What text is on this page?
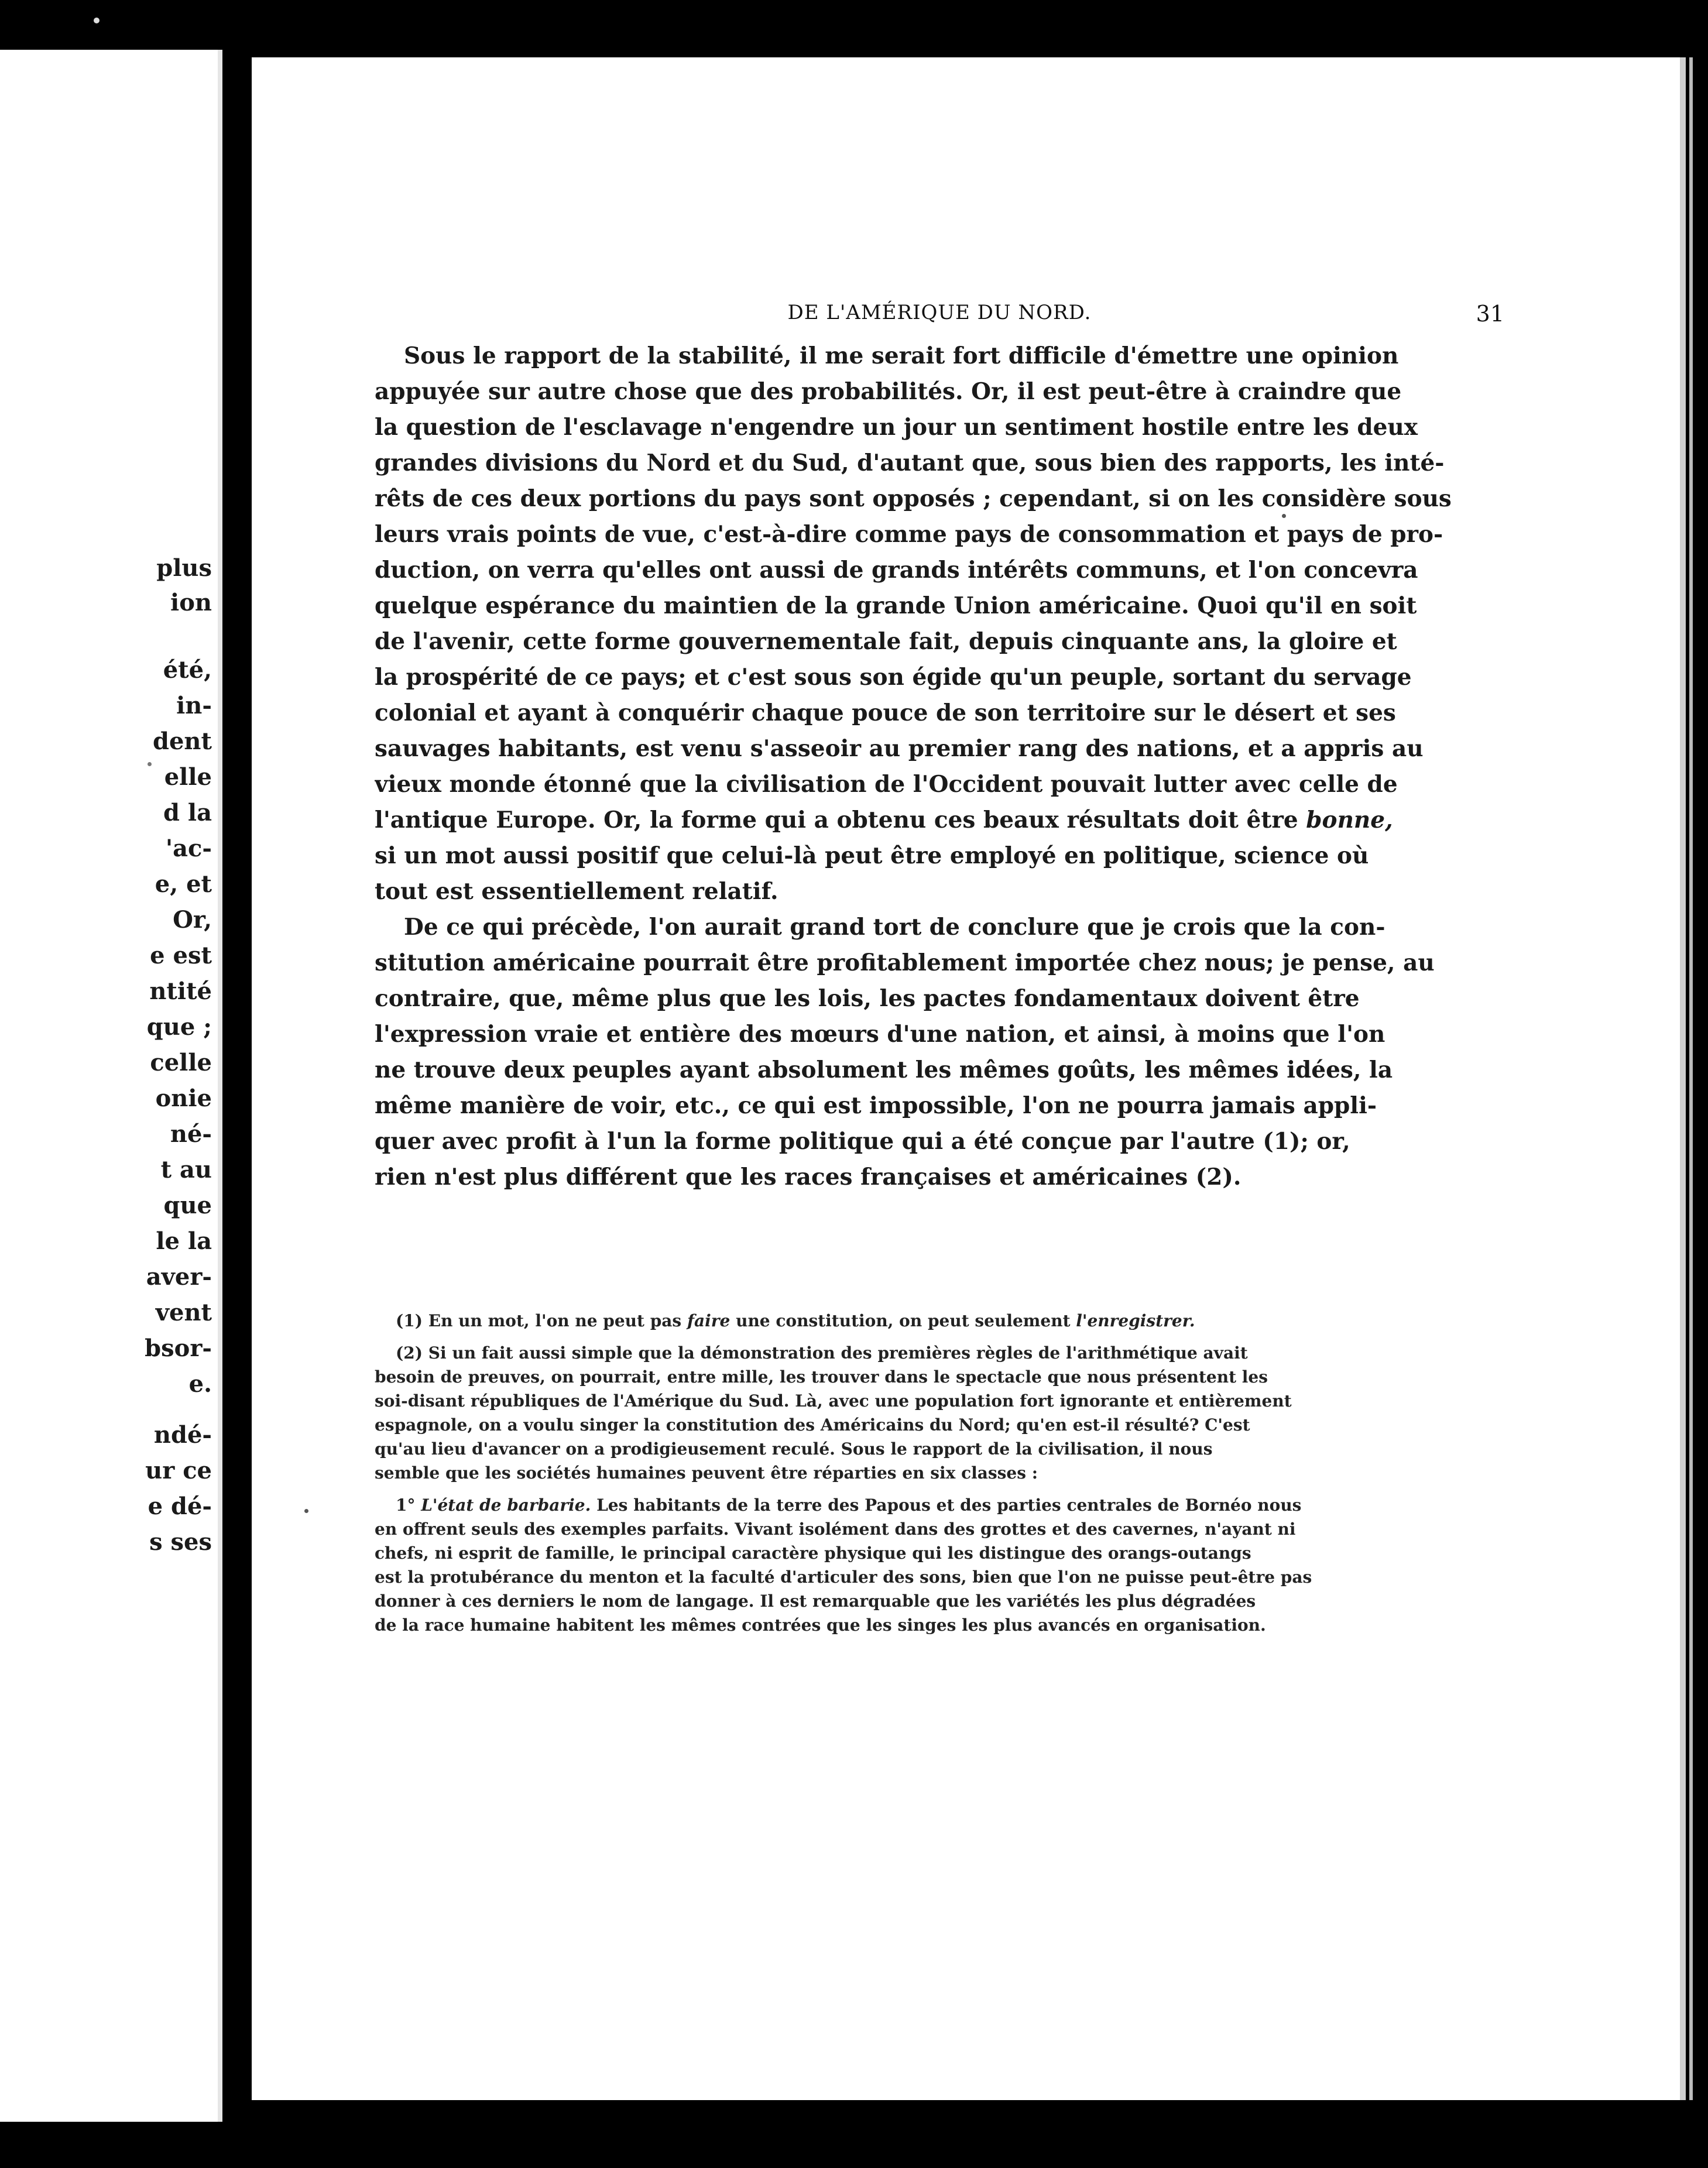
plus

ion

été,

in-

dent

elle

d la

'ac-

e, et

Or,

e est

ntité

que ;

celle

onie

né-

t au

que

le la

aver-

vent

bsor-

e.

ndé-

ur ce

e dé-

s ses

DE L'AMÉRIQUE DU NORD.	31
Sous le rapport de la stabilité, il me serait fort difficile d'émettre une opinion
appuyée sur autre chose que des probabilités. Or, il est peut-être à craindre que
la question de l'esclavage n'engendre un jour un sentiment hostile entre les deux
grandes divisions du Nord et du Sud, d'autant que, sous bien des rapports, les inté-
rêts de ces deux portions du pays sont opposés ; cependant, si on les considère sous
leurs vrais points de vue, c'est-à-dire comme pays de consommation et pays de pro-
duction, on verra qu'elles ont aussi de grands intérêts communs, et l'on concevra
quelque espérance du maintien de la grande Union américaine. Quoi qu'il en soit
de l'avenir, cette forme gouvernementale fait, depuis cinquante ans, la gloire et
la prospérité de ce pays; et c'est sous son égide qu'un peuple, sortant du servage
colonial et ayant à conquérir chaque pouce de son territoire sur le désert et ses
sauvages habitants, est venu s'asseoir au premier rang des nations, et a appris au
vieux monde étonné que la civilisation de l'Occident pouvait lutter avec celle de
l'antique Europe. Or, la forme qui a obtenu ces beaux résultats doit être
bonne,
si un mot aussi positif que celui-là peut être employé en politique, science où
tout est essentiellement relatif.
De ce qui précède, l'on aurait grand tort de conclure que je crois que la con-
stitution américaine pourrait être profitablement importée chez nous; je pense, au
contraire, que, même plus que les lois, les pactes fondamentaux doivent être
l'expression vraie et entière des mœurs d'une nation, et ainsi, à moins que l'on
ne trouve deux peuples ayant absolument les mêmes goûts, les mêmes idées, la
même manière de voir, etc., ce qui est impossible, l'on ne pourra jamais appli-
quer avec profit à l'un la forme politique qui a été conçue par l'autre (1); or,
rien n'est plus différent que les races françaises et américaines (2).
(1) En un mot, l'on ne peut pas
faire
une constitution, on peut seulement
l'enregistrer.
(2) Si un fait aussi simple que la démonstration des premières règles de l'arithmétique avait
besoin de preuves, on pourrait, entre mille, les trouver dans le spectacle que nous présentent les
soi-disant républiques de l'Amérique du Sud. Là, avec une population fort ignorante et entièrement
espagnole, on a voulu singer la constitution des Américains du Nord; qu'en est-il résulté? C'est
qu'au lieu d'avancer on a prodigieusement reculé. Sous le rapport de la civilisation, il nous
semble que les sociétés humaines peuvent être réparties en six classes :
1°
L'état de barbarie.
Les habitants de la terre des Papous et des parties centrales de Bornéo nous
en offrent seuls des exemples parfaits. Vivant isolément dans des grottes et des cavernes, n'ayant ni
chefs, ni esprit de famille, le principal caractère physique qui les distingue des orangs-outangs
est la protubérance du menton et la faculté d'articuler des sons, bien que l'on ne puisse peut-être pas
donner à ces derniers le nom de langage. Il est remarquable que les variétés les plus dégradées
de la race humaine habitent les mêmes contrées que les singes les plus avancés en organisation.
